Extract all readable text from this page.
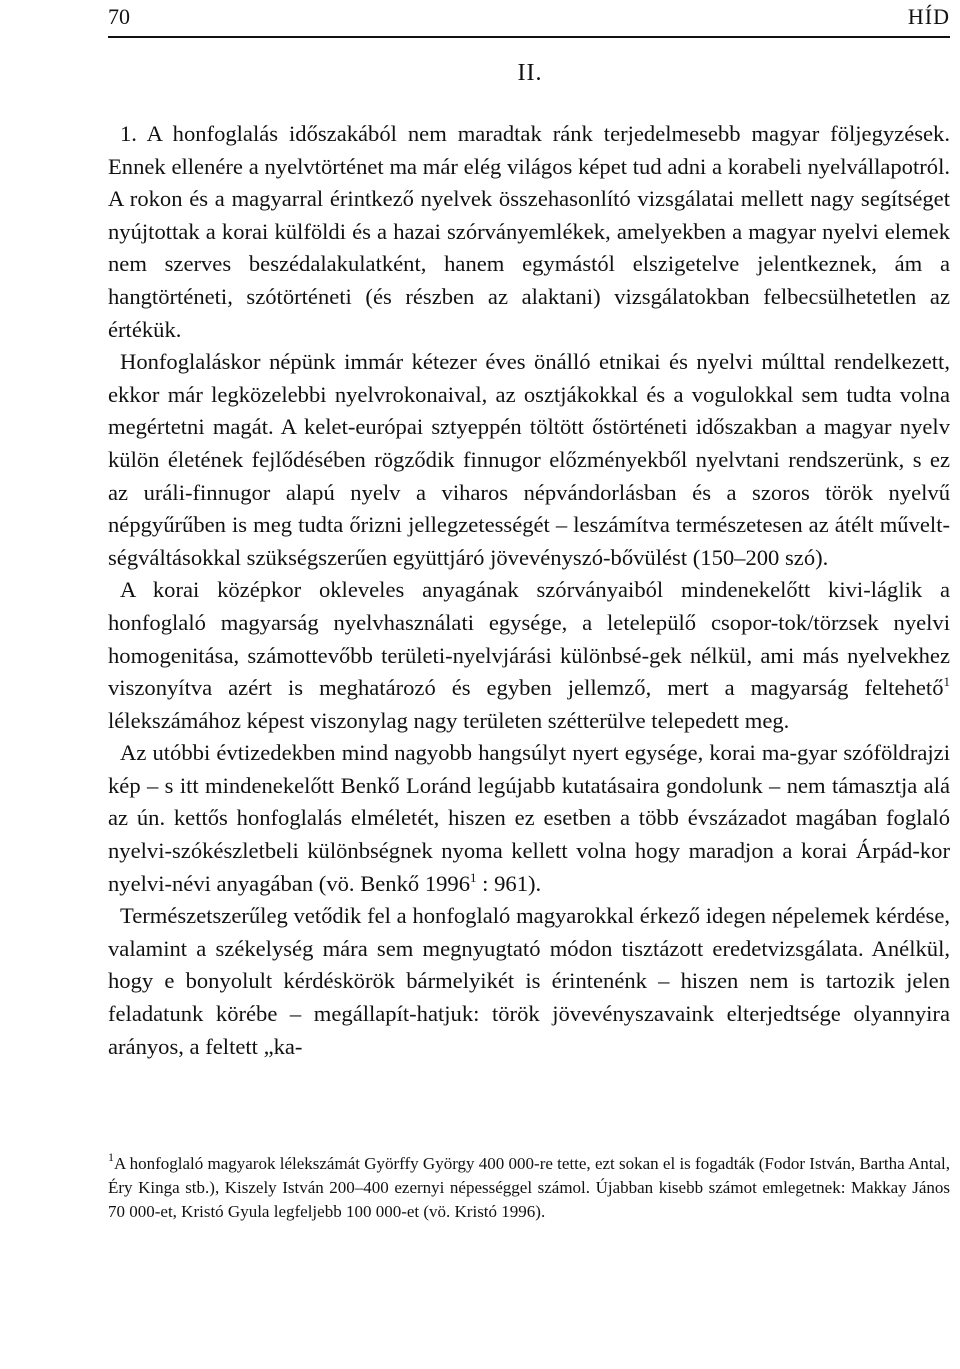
70	HÍD
II.

1. A honfoglalás időszakából nem maradtak ránk terjedelmesebb magyar följegyzések. Ennek ellenére a nyelvtörténet ma már elég világos képet tud adni a korabeli nyelvállapotról. A rokon és a magyarral érintkező nyelvek összehasonlító vizsgálatai mellett nagy segítséget nyújtottak a korai külföldi és a hazai szórványemlékek, amelyekben a magyar nyelvi elemek nem szerves beszédalakulatként, hanem egymástól elszigetelve jelentkeznek, ám a hangtörténeti, szótörténeti (és részben az alaktani) vizsgálatokban felbecsülhetetlen az értékük.

Honfoglaláskor népünk immár kétezer éves önálló etnikai és nyelvi múlttal rendelkezett, ekkor már legközelebbi nyelvrokonaival, az osztjákokkal és a vogulokkal sem tudta volna megértetni magát. A kelet-európai sztyeppén töltött őstörténeti időszakban a magyar nyelv külön életének fejlődésében rögződik finnugor előzményekből nyelvtani rendszerünk, s ez az uráli-finnugor alapú nyelv a viharos népvándorlásban és a szoros török nyelvű népgyűrűben is meg tudta őrizni jellegzetességét – leszámítva természetesen az átélt művelt-ségváltásokkal szükségszerűen együttjáró jövevényszó-bővülést (150–200 szó).

A korai középkor okleveles anyagának szórványaiból mindenekelőtt kivi-láglik a honfoglaló magyarság nyelvhasználati egysége, a letelepülő csopor-tok/törzsek nyelvi homogenitása, számottevőbb területi-nyelvjárási különbsé-gek nélkül, ami más nyelvekhez viszonyítva azért is meghatározó és egyben jellemző, mert a magyarság feltehető$^1$ lélekszámához képest viszonylag nagy területen szétterülve telepedett meg.

Az utóbbi évtizedekben mind nagyobb hangsúlyt nyert egysége, korai ma-gyar szóföldrajzi kép – s itt mindenekelőtt Benkő Loránd legújabb kutatásaira gondolunk – nem támasztja alá az ún. kettős honfoglalás elméletét, hiszen ez esetben a több évszázadot magában foglaló nyelvi-szókészletbeli különbségnek nyoma kellett volna hogy maradjon a korai Árpád-kor nyelvi-névi anyagában (vö. Benkő 1996$^1$ : 961).

Természetszerűleg vetődik fel a honfoglaló magyarokkal érkező idegen népelemek kérdése, valamint a székelység mára sem megnyugtató módon tisztázott eredetvizsgálata. Anélkül, hogy e bonyolult kérdéskörök bármelyikét is érintenénk – hiszen nem is tartozik jelen feladatunk körébe – megállapít-hatjuk: török jövevényszavaink elterjedtsége olyannyira arányos, a feltett „ka-

$^1$A honfoglaló magyarok lélekszámát Györffy György 400 000-re tette, ezt sokan el is fogadták (Fodor István, Bartha Antal, Éry Kinga stb.), Kiszely István 200–400 ezernyi népességgel számol. Újabban kisebb számot emlegetnek: Makkay János 70 000-et, Kristó Gyula legfeljebb 100 000-et (vö. Kristó 1996).
